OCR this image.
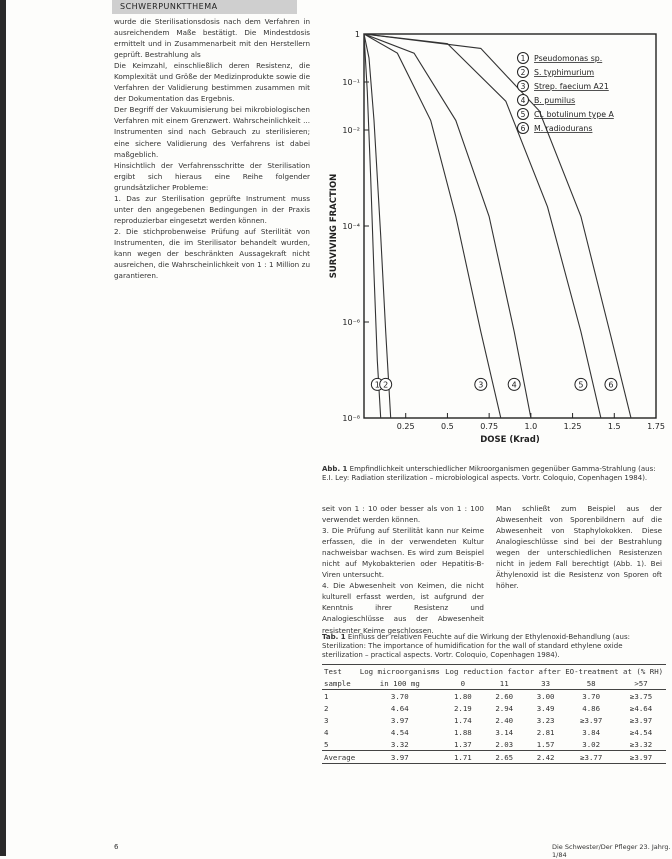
SCHWERPUNKTTHEMA

wurde die Sterilisationsdosis nach dem Verfahren in ausreichendem Maße bestätigt. Die Mindestdosis ermittelt und in Zusammenarbeit mit den Herstellern geprüft. Bestrahlung als

Die Keimzahl, einschließlich deren Resistenz, die Komplexität und Größe der Medizinprodukte sowie die Verfahren der Validierung bestimmen zusammen mit der Dokumentation das Ergebnis.

Der Begriff der Vakuumisierung bei mikrobiologischen Verfahren mit einem Grenzwert. Wahrscheinlichkeit ... Instrumenten sind nach Gebrauch zu sterilisieren; eine sichere Validierung des Verfahrens ist dabei maßgeblich.

Hinsichtlich der Verfahrensschritte der Sterilisation ergibt sich hieraus eine Reihe folgender grundsätzlicher Probleme:

1. Das zur Sterilisation geprüfte Instrument muss unter den angegebenen Bedingungen in der Praxis reproduzierbar eingesetzt werden können.

2. Die stichprobenweise Prüfung auf Sterilität von Instrumenten, die im Sterilisator behandelt wurden, kann wegen der beschränkten Aussagekraft nicht ausreichen, die Wahrscheinlichkeit von 1 : 1 Million zu garantieren.

10⁻⁸
10⁻⁶
10⁻⁴
10⁻²
10⁻¹
1
0.25	0.5	0.75	1.0	1.25	1.5	1.75
DOSE (Krad)
SURVIVING FRACTION
1 2	3	4	5	6
1 Pseudomonas sp.
2 S. typhimurium
3 Strep. faecium A21
4 B. pumilus
5 Cl. botulinum type A
6 M. radiodurans
Abb. 1 Empfindlichkeit unterschiedlicher Mikroorganismen gegenüber Gamma-Strahlung (aus: E.I. Ley: Radiation sterilization – microbiological aspects. Vortr. Coloquio, Copenhagen 1984).

seit von 1 : 10 oder besser als von 1 : 100 verwendet werden können.

3. Die Prüfung auf Sterilität kann nur Keime erfassen, die in der verwendeten Kultur nachweisbar wachsen. Es wird zum Beispiel nicht auf Mykobakterien oder Hepatitis-B-Viren untersucht.

4. Die Abwesenheit von Keimen, die nicht kulturell erfasst werden, ist aufgrund der Kenntnis ihrer Resistenz und Analogieschlüsse aus der Abwesenheit resistenter Keime geschlossen.

Man schließt zum Beispiel aus der Abwesenheit von Sporenbildnern auf die Abwesenheit von Staphylokokken. Diese Analogieschlüsse sind bei der Bestrahlung wegen der unterschiedlichen Resistenzen nicht in jedem Fall berechtigt (Abb. 1). Bei Äthylenoxid ist die Resistenz von Sporen oft höher.

Tab. 1 Einfluss der relativen Feuchte auf die Wirkung der Ethylenoxid-Behandlung (aus: Sterilization: The importance of humidification for the wall of standard ethylene oxide sterilization – practical aspects. Vortr. Coloquio, Copenhagen 1984).
Test	Log microorganisms	Log reduction factor after EO-treatment at (% RH)				
sample	in 100 mg	0	11	33	58	>57
1	3.70	1.80	2.60	3.00	3.70	≥3.75
2	4.64	2.19	2.94	3.49	4.86	≥4.64
3	3.97	1.74	2.40	3.23	≥3.97	≥3.97
4	4.54	1.88	3.14	2.81	3.84	≥4.54
5	3.32	1.37	2.03	1.57	3.02	≥3.32
Average	3.97	1.71	2.65	2.42	≥3.77	≥3.97
6	Die Schwester/Der Pfleger 23. Jahrg. 1/84
